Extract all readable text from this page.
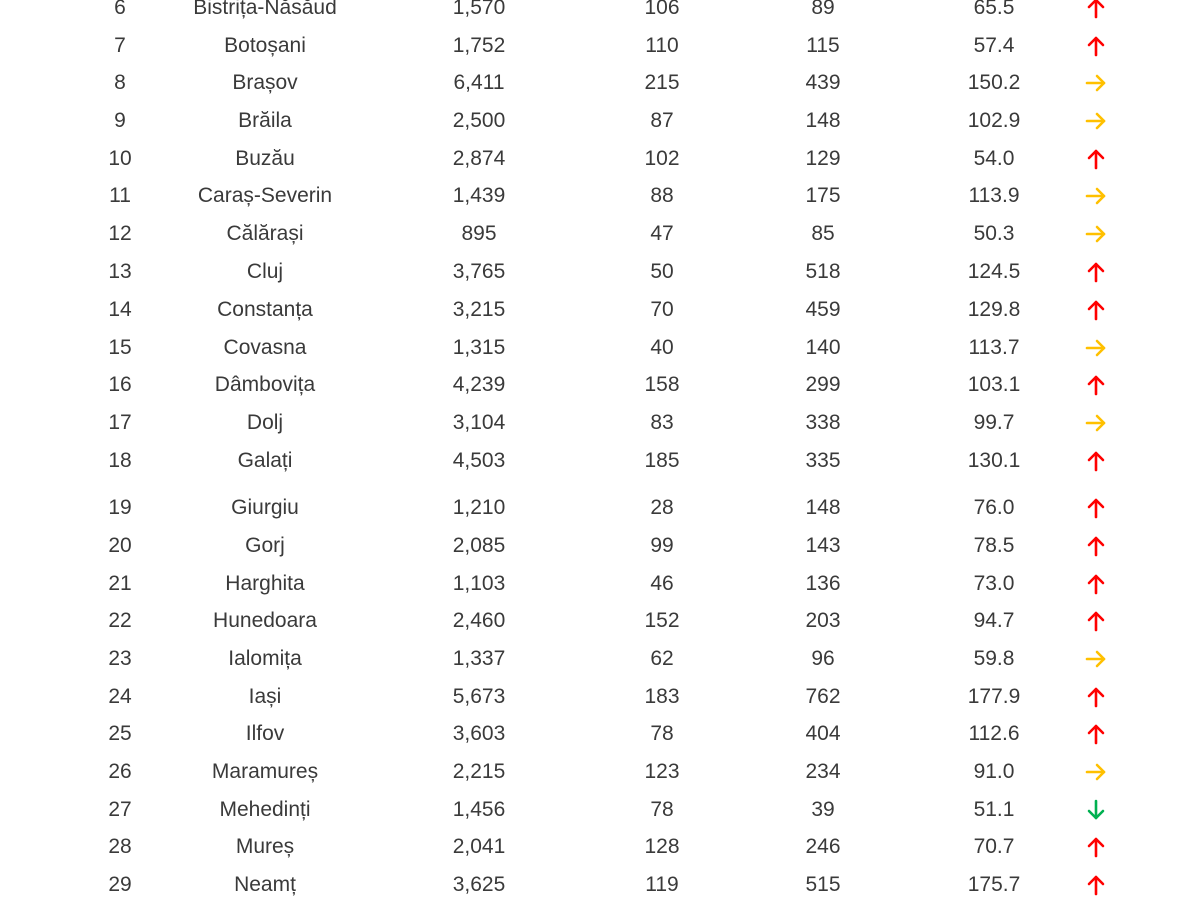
6	Bistrița-Năsăud	1,570	106	89	65.5
7	Botoșani	1,752	110	115	57.4
8	Brașov	6,411	215	439	150.2
9	Brăila	2,500	87	148	102.9
10	Buzău	2,874	102	129	54.0
11	Caraș-Severin	1,439	88	175	113.9
12	Călărași	895	47	85	50.3
13	Cluj	3,765	50	518	124.5
14	Constanța	3,215	70	459	129.8
15	Covasna	1,315	40	140	113.7
16	Dâmbovița	4,239	158	299	103.1
17	Dolj	3,104	83	338	99.7
18	Galați	4,503	185	335	130.1
19	Giurgiu	1,210	28	148	76.0
20	Gorj	2,085	99	143	78.5
21	Harghita	1,103	46	136	73.0
22	Hunedoara	2,460	152	203	94.7
23	Ialomița	1,337	62	96	59.8
24	Iași	5,673	183	762	177.9
25	Ilfov	3,603	78	404	112.6
26	Maramureș	2,215	123	234	91.0
27	Mehedinți	1,456	78	39	51.1
28	Mureș	2,041	128	246	70.7
29	Neamț	3,625	119	515	175.7
